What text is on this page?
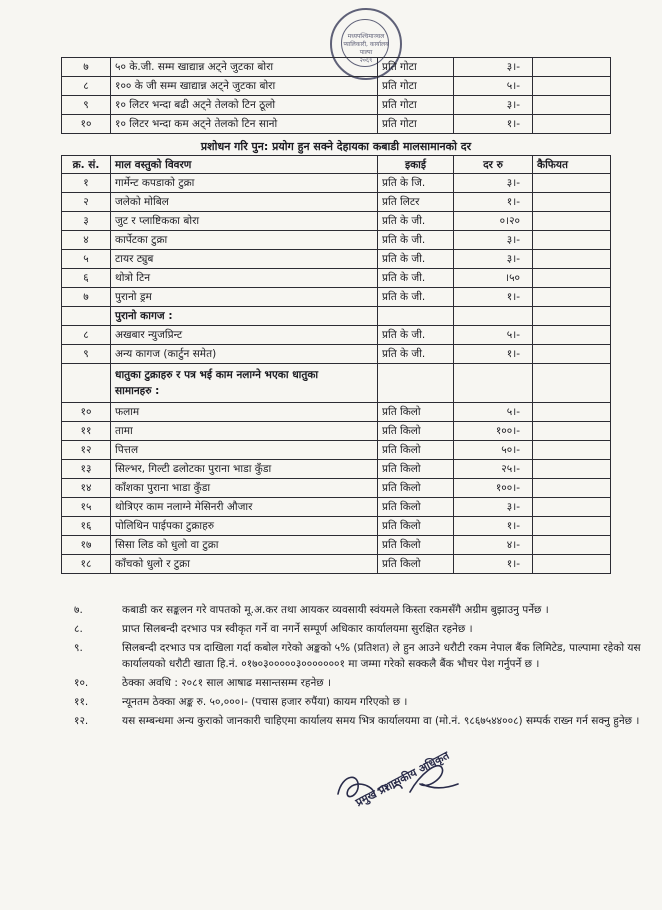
मध्यपश्चिमाञ्चल
प्यालिकारी, कार्यालय
पाल्पा
२०६९
७	५० के.जी. सम्म खाद्यान्न अट्ने जुटका बोरा	प्रति गोटा	३।-	
८	१०० के जी सम्म खाद्यान्न अट्ने जुटका बोरा	प्रति गोटा	५।-	
९	१० लिटर भन्दा बढी अट्ने तेलको टिन ठूलो	प्रति गोटा	३।-	
१०	१० लिटर भन्दा कम अट्ने तेलको टिन सानो	प्रति गोटा	१।-	
प्रशोधन गरि पुन: प्रयोग हुन सक्ने देहायका कबाडी मालसामानको दर
क्र. सं.	माल वस्तुको विवरण	इकाई	दर रु	कैफियत
१	गार्मेन्ट कपडाको टुक्रा	प्रति के जि.	३।-	
२	जलेको मोबिल	प्रति लिटर	१।-	
३	जुट र प्लाष्टिकका बोरा	प्रति के जी.	०।२०	
४	कार्पेटका टुक्रा	प्रति के जी.	३।-	
५	टायर ट्युब	प्रति के जी.	३।-	
६	थोत्रो टिन	प्रति के जी.	।५०	
७	पुरानो ड्रम	प्रति के जी.	१।-	
	पुरानो कागज :			
८	अखबार न्युजप्रिन्ट	प्रति के जी.	५।-	
९	अन्य कागज (कार्टुन समेत)	प्रति के जी.	१।-	
	धातुका टुक्राहरु र पत्र भई काम नलाग्ने भएका धातुका
सामानहरु :			
१०	फलाम	प्रति किलो	५।-	
११	तामा	प्रति किलो	१००।-	
१२	पित्तल	प्रति किलो	५०।-	
१३	सिल्भर, गिल्टी ढलोटका पुराना भाडा कुँडा	प्रति किलो	२५।-	
१४	काँशका पुराना भाडा कुँडा	प्रति किलो	१००।-	
१५	थोत्रिएर काम नलाग्ने मेसिनरी औजार	प्रति किलो	३।-	
१६	पोलिथिन पाईपका टुक्राहरु	प्रति किलो	१।-	
१७	सिसा लिड को धुलो वा टुक्रा	प्रति किलो	४।-	
१८	काँचको धुलो र टुक्रा	प्रति किलो	१।-	
७.	कबाडी कर सङ्कलन गरे वापतको मू.अ.कर तथा आयकर व्यवसायी स्वंयमले किस्ता रकमसँगै अग्रीम बुझाउनु पर्नेछ ।
८.	प्राप्त सिलबन्दी दरभाउ पत्र स्वीकृत गर्ने वा नगर्ने सम्पूर्ण अधिकार कार्यालयमा सुरक्षित रहनेछ ।
९.	सिलबन्दी दरभाउ पत्र दाखिला गर्दा कबोल गरेको अङ्कको ५% (प्रतिशत) ले हुन आउने धरौटी रकम नेपाल बैंक लिमिटेड, पाल्पामा रहेको यस कार्यालयको धरौटी खाता हि.नं. ०१७०३०००००३०००००००१ मा जम्मा गरेको सक्कलै बैंक भौचर पेश गर्नुपर्ने छ ।
१०.	ठेक्का अवधि : २०८१ साल आषाढ मसान्तसम्म रहनेछ ।
११.	न्यूनतम ठेक्का अङ्क रु. ५०,०००।- (पचास हजार रुपैंया) कायम गरिएको छ ।
१२.	यस सम्बन्धमा अन्य कुराको जानकारी चाहिएमा कार्यालय समय भित्र कार्यालयमा वा (मो.नं. ९८६७५४४००८) सम्पर्क राख्न गर्न सक्नु हुनेछ ।
प्रमुख प्रशासकीय अधिकृत
